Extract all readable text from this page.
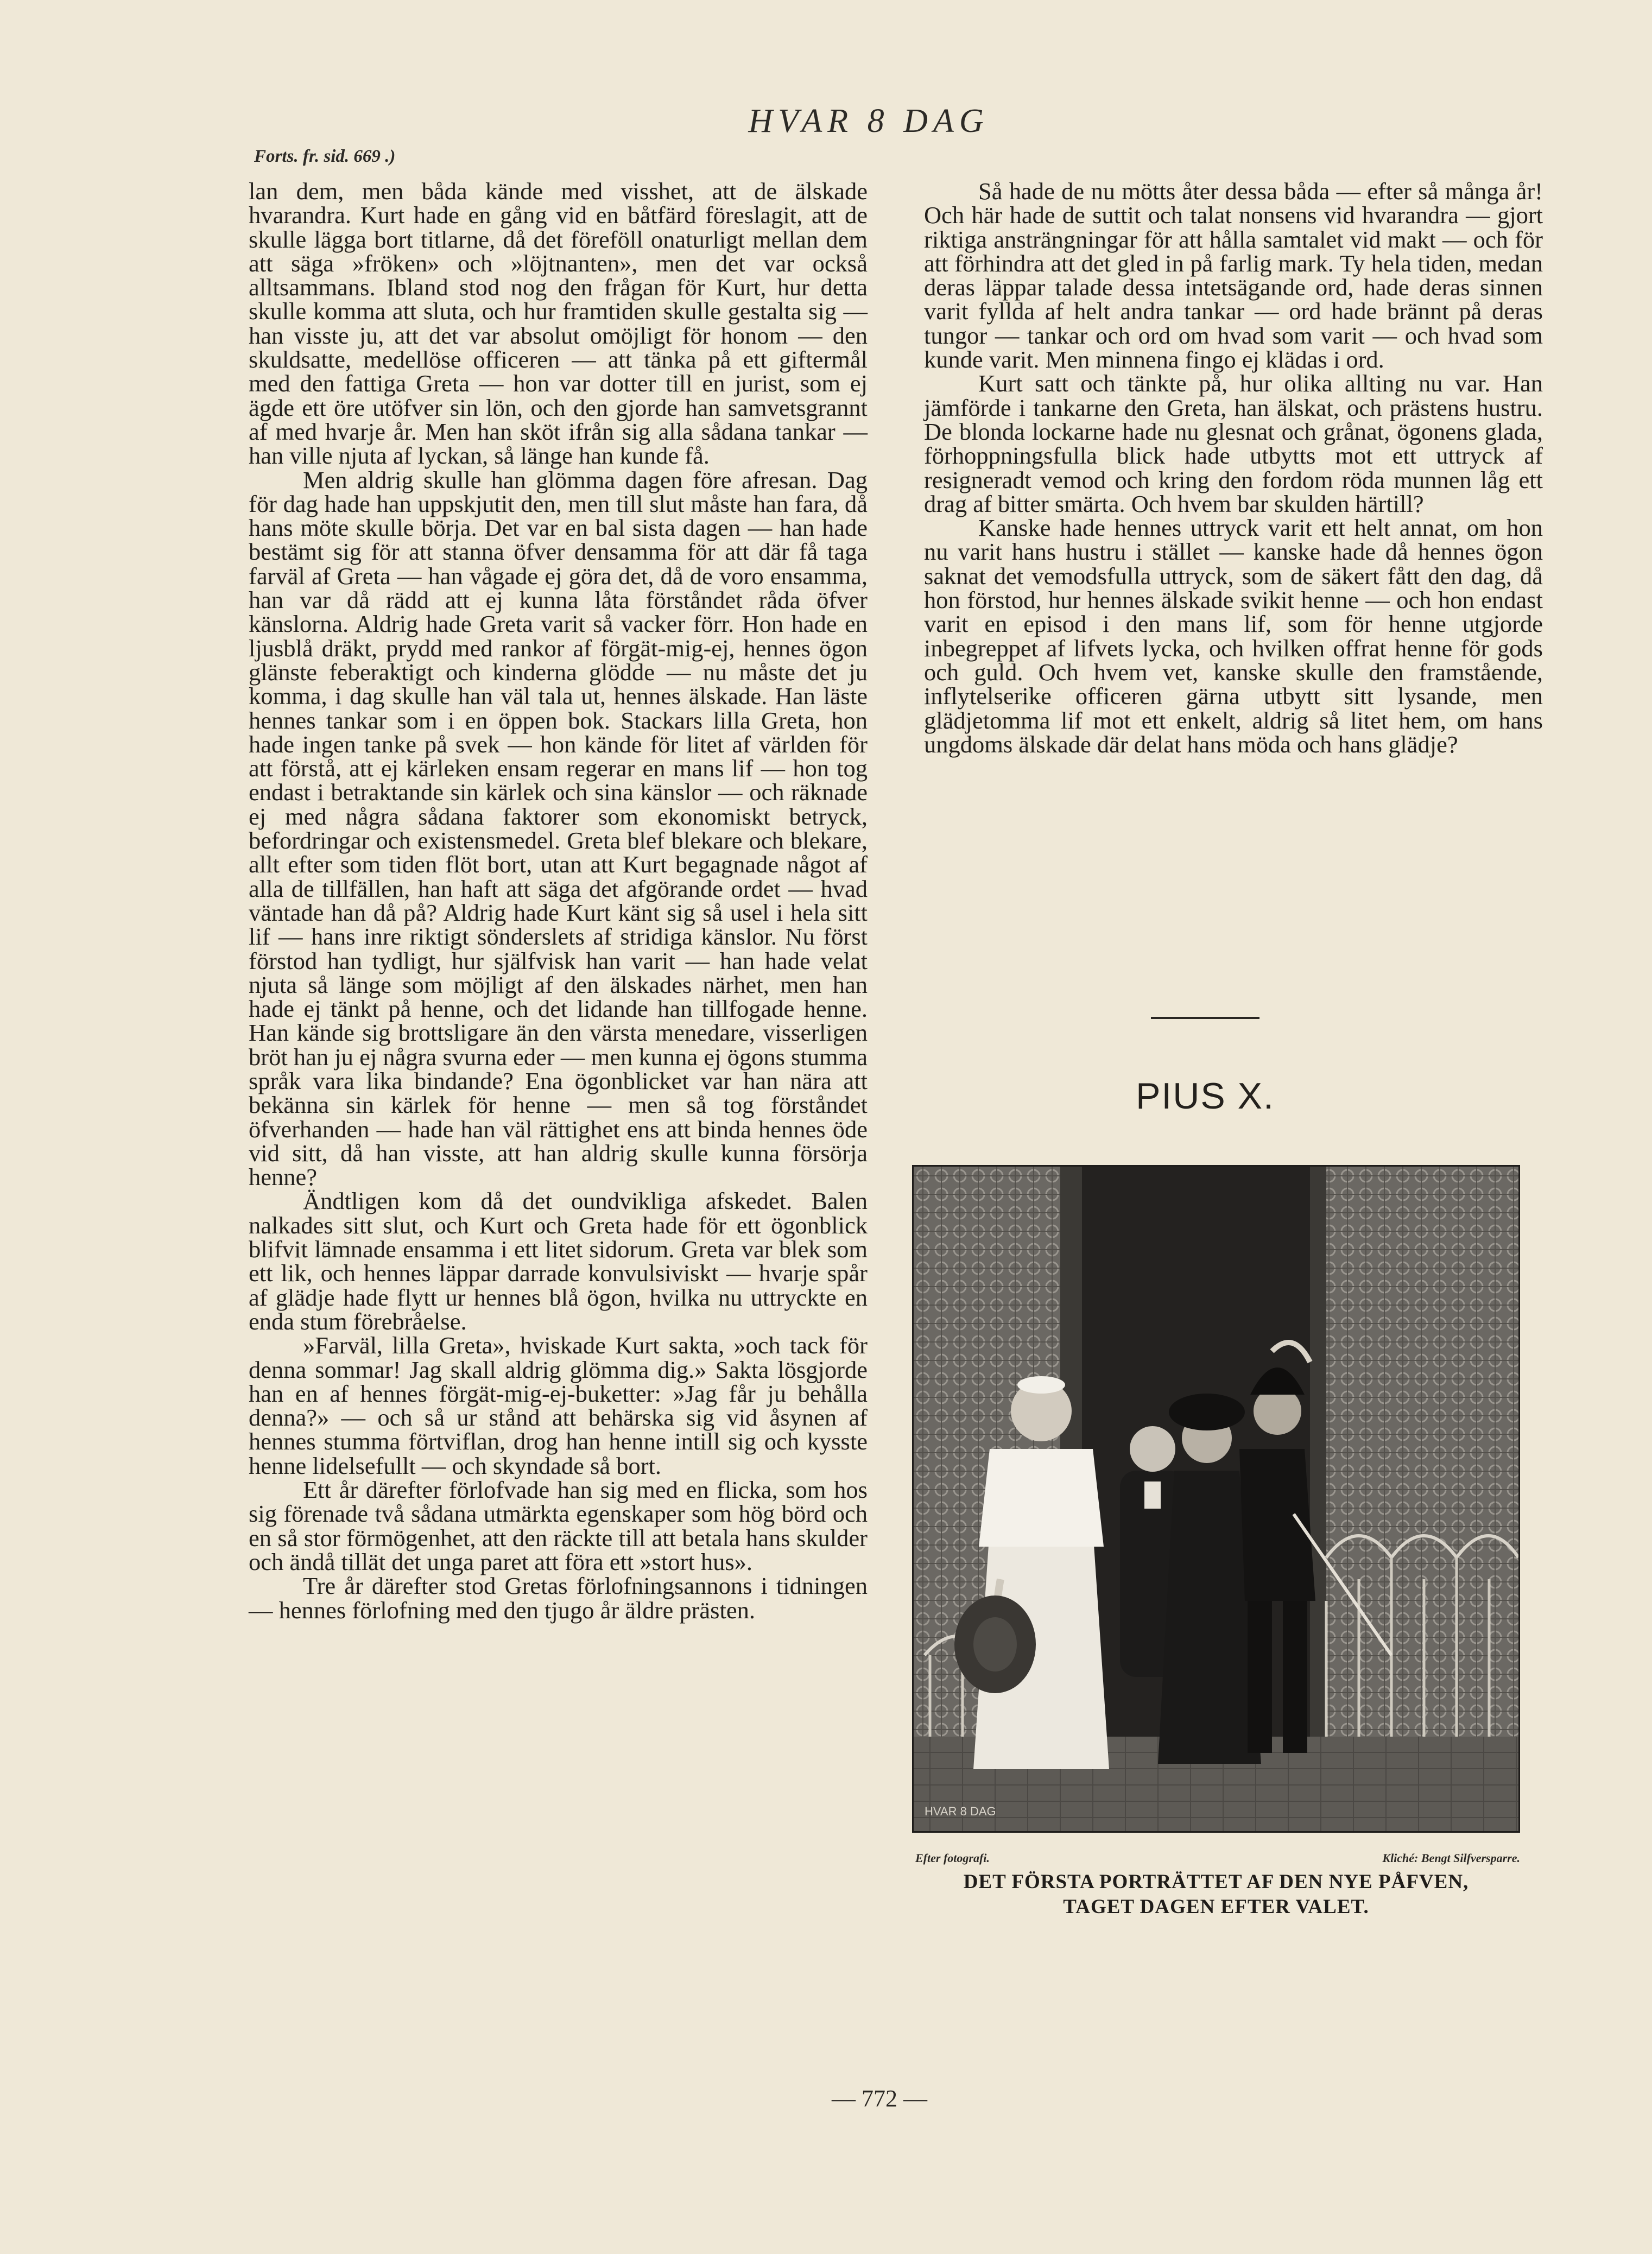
HVAR 8 DAG
Forts. fr. sid. 669 .)

lan dem, men båda kände med visshet, att de älskade hvarandra. Kurt hade en gång vid en båtfärd föreslagit, att de skulle lägga bort titlarne, då det föreföll onaturligt mellan dem att säga »fröken» och »löjtnanten», men det var också alltsammans. Ibland stod nog den frågan för Kurt, hur detta skulle komma att sluta, och hur framtiden skulle gestalta sig — han visste ju, att det var absolut omöjligt för honom — den skuldsatte, medellöse officeren — att tänka på ett giftermål med den fattiga Greta — hon var dotter till en jurist, som ej ägde ett öre utöfver sin lön, och den gjorde han samvetsgrannt af med hvarje år. Men han sköt ifrån sig alla sådana tankar — han ville njuta af lyckan, så länge han kunde få.

Men aldrig skulle han glömma dagen före afresan. Dag för dag hade han uppskjutit den, men till slut måste han fara, då hans möte skulle börja. Det var en bal sista dagen — han hade bestämt sig för att stanna öfver densamma för att där få taga farväl af Greta — han vågade ej göra det, då de voro ensamma, han var då rädd att ej kunna låta förståndet råda öfver känslorna. Aldrig hade Greta varit så vacker förr. Hon hade en ljusblå dräkt, prydd med rankor af förgät-mig-ej, hennes ögon glänste feberaktigt och kinderna glödde — nu måste det ju komma, i dag skulle han väl tala ut, hennes älskade. Han läste hennes tankar som i en öppen bok. Stackars lilla Greta, hon hade ingen tanke på svek — hon kände för litet af världen för att förstå, att ej kärleken ensam regerar en mans lif — hon tog endast i betraktande sin kärlek och sina känslor — och räknade ej med några sådana faktorer som ekonomiskt betryck, befordringar och existensmedel. Greta blef blekare och blekare, allt efter som tiden flöt bort, utan att Kurt begagnade något af alla de tillfällen, han haft att säga det afgörande ordet — hvad väntade han då på? Aldrig hade Kurt känt sig så usel i hela sitt lif — hans inre riktigt sönderslets af stridiga känslor. Nu först förstod han tydligt, hur själfvisk han varit — han hade velat njuta så länge som möjligt af den älskades närhet, men han hade ej tänkt på henne, och det lidande han tillfogade henne. Han kände sig brottsligare än den värsta menedare, visserligen bröt han ju ej några svurna eder — men kunna ej ögons stumma språk vara lika bindande? Ena ögonblicket var han nära att bekänna sin kärlek för henne — men så tog förståndet öfverhanden — hade han väl rättighet ens att binda hennes öde vid sitt, då han visste, att han aldrig skulle kunna försörja henne?

Ändtligen kom då det oundvikliga afskedet. Balen nalkades sitt slut, och Kurt och Greta hade för ett ögonblick blifvit lämnade ensamma i ett litet sidorum. Greta var blek som ett lik, och hennes läppar darrade konvulsiviskt — hvarje spår af glädje hade flytt ur hennes blå ögon, hvilka nu uttryckte en enda stum förebråelse.

»Farväl, lilla Greta», hviskade Kurt sakta, »och tack för denna sommar! Jag skall aldrig glömma dig.» Sakta lösgjorde han en af hennes förgät-mig-ej-buketter: »Jag får ju behålla denna?» — och så ur stånd att behärska sig vid åsynen af hennes stumma förtviflan, drog han henne intill sig och kysste henne lidelsefullt — och skyndade så bort.

Ett år därefter förlofvade han sig med en flicka, som hos sig förenade två sådana utmärkta egenskaper som hög börd och en så stor förmögenhet, att den räckte till att betala hans skulder och ändå tillät det unga paret att föra ett »stort hus».

Tre år därefter stod Gretas förlofningsannons i tidningen — hennes förlofning med den tjugo år äldre prästen.

Så hade de nu mötts åter dessa båda — efter så många år! Och här hade de suttit och talat nonsens vid hvarandra — gjort riktiga ansträngningar för att hålla samtalet vid makt — och för att förhindra att det gled in på farlig mark. Ty hela tiden, medan deras läppar talade dessa intetsägande ord, hade deras sinnen varit fyllda af helt andra tankar — ord hade brännt på deras tungor — tankar och ord om hvad som varit — och hvad som kunde varit. Men minnena fingo ej klädas i ord.

Kurt satt och tänkte på, hur olika allting nu var. Han jämförde i tankarne den Greta, han älskat, och prästens hustru. De blonda lockarne hade nu glesnat och grånat, ögonens glada, förhoppningsfulla blick hade utbytts mot ett uttryck af resigneradt vemod och kring den fordom röda munnen låg ett drag af bitter smärta. Och hvem bar skulden härtill?

Kanske hade hennes uttryck varit ett helt annat, om hon nu varit hans hustru i stället — kanske hade då hennes ögon saknat det vemodsfulla uttryck, som de säkert fått den dag, då hon förstod, hur hennes älskade svikit henne — och hon endast varit en episod i den mans lif, som för henne utgjorde inbegreppet af lifvets lycka, och hvilken offrat henne för gods och guld. Och hvem vet, kanske skulle den framstående, inflytelserike officeren gärna utbytt sitt lysande, men glädjetomma lif mot ett enkelt, aldrig så litet hem, om hans ungdoms älskade där delat hans möda och hans glädje?

PIUS X.
HVAR 8 DAG
Efter fotografi.	Kliché: Bengt Silfversparre.
DET FÖRSTA PORTRÄTTET AF DEN NYE PÅFVEN,
TAGET DAGEN EFTER VALET.
— 772 —
